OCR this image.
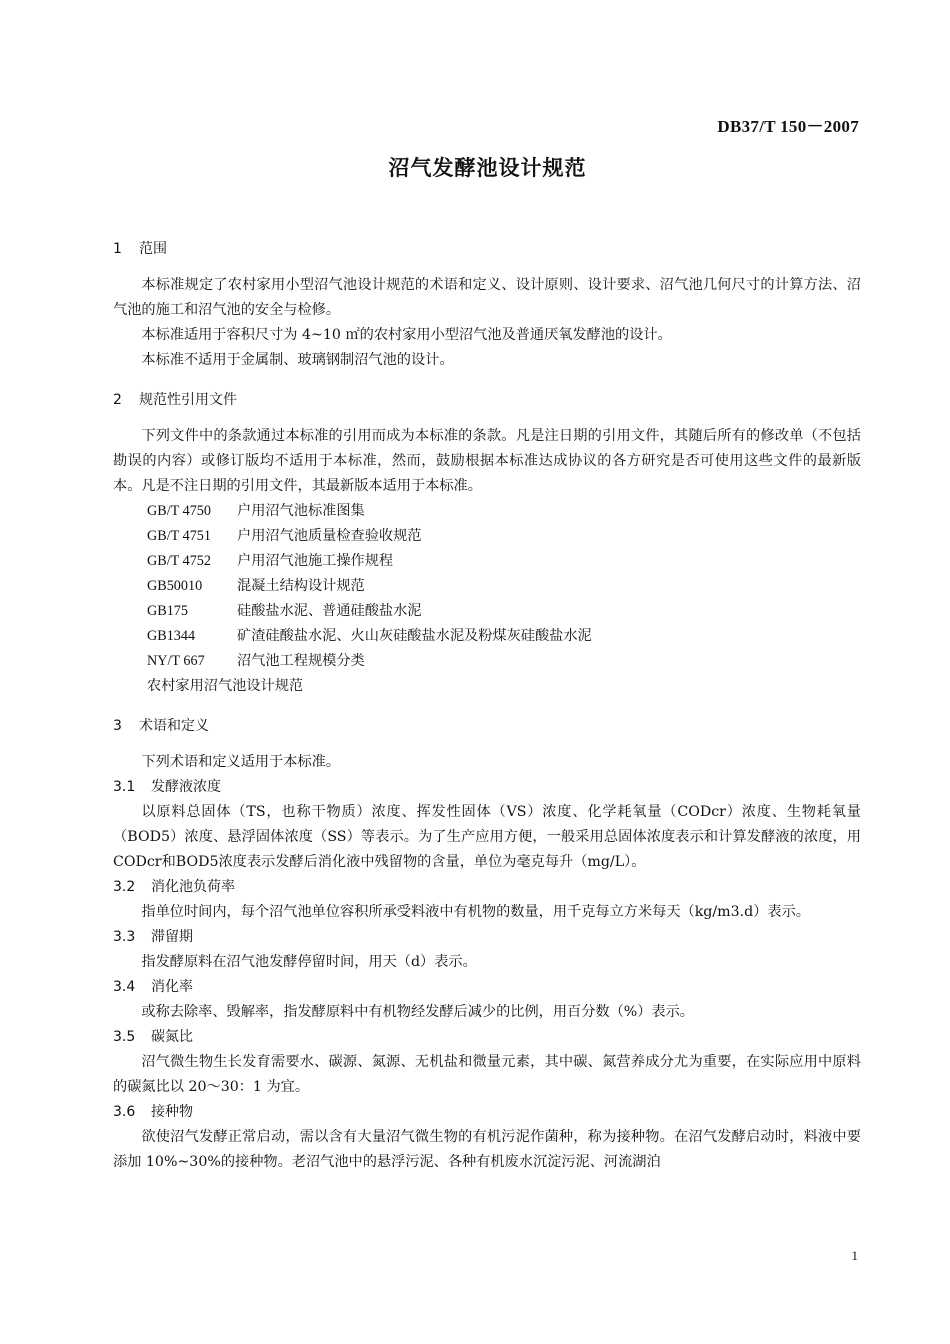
DB37/T 150－2007
沼气发酵池设计规范
1 范围

本标准规定了农村家用小型沼气池设计规范的术语和定义、设计原则、设计要求、沼气池几何尺寸的计算方法、沼气池的施工和沼气池的安全与检修。

本标准适用于容积尺寸为 4~10 ㎡的农村家用小型沼气池及普通厌氧发酵池的设计。

本标准不适用于金属制、玻璃钢制沼气池的设计。

2 规范性引用文件

下列文件中的条款通过本标准的引用而成为本标准的条款。凡是注日期的引用文件，其随后所有的修改单（不包括勘误的内容）或修订版均不适用于本标准，然而，鼓励根据本标准达成协议的各方研究是否可使用这些文件的最新版本。凡是不注日期的引用文件，其最新版本适用于本标准。

GB/T 4750 户用沼气池标准图集

GB/T 4751 户用沼气池质量检查验收规范

GB/T 4752 户用沼气池施工操作规程

GB50010 混凝土结构设计规范

GB175	硅酸盐水泥、普通硅酸盐水泥

GB1344	矿渣硅酸盐水泥、火山灰硅酸盐水泥及粉煤灰硅酸盐水泥

NY/T 667 沼气池工程规模分类

农村家用沼气池设计规范

3 术语和定义

下列术语和定义适用于本标准。

3.1 发酵液浓度

以原料总固体（TS，也称干物质）浓度、挥发性固体（VS）浓度、化学耗氧量（CODcr）浓度、生物耗氧量（BOD5）浓度、悬浮固体浓度（SS）等表示。为了生产应用方便，一般采用总固体浓度表示和计算发酵液的浓度，用CODcr和BOD5浓度表示发酵后消化液中残留物的含量，单位为毫克每升（mg/L）。

3.2 消化池负荷率

指单位时间内，每个沼气池单位容积所承受料液中有机物的数量，用千克每立方米每天（kg/m3.d）表示。

3.3 滞留期

指发酵原料在沼气池发酵停留时间，用天（d）表示。

3.4 消化率

或称去除率、毁解率，指发酵原料中有机物经发酵后减少的比例，用百分数（%）表示。

3.5 碳氮比

沼气微生物生长发育需要水、碳源、氮源、无机盐和微量元素，其中碳、氮营养成分尤为重要，在实际应用中原料的碳氮比以 20～30：1 为宜。

3.6 接种物

欲使沼气发酵正常启动，需以含有大量沼气微生物的有机污泥作菌种，称为接种物。在沼气发酵启动时，料液中要添加 10%~30%的接种物。老沼气池中的悬浮污泥、各种有机废水沉淀污泥、河流湖泊

1
